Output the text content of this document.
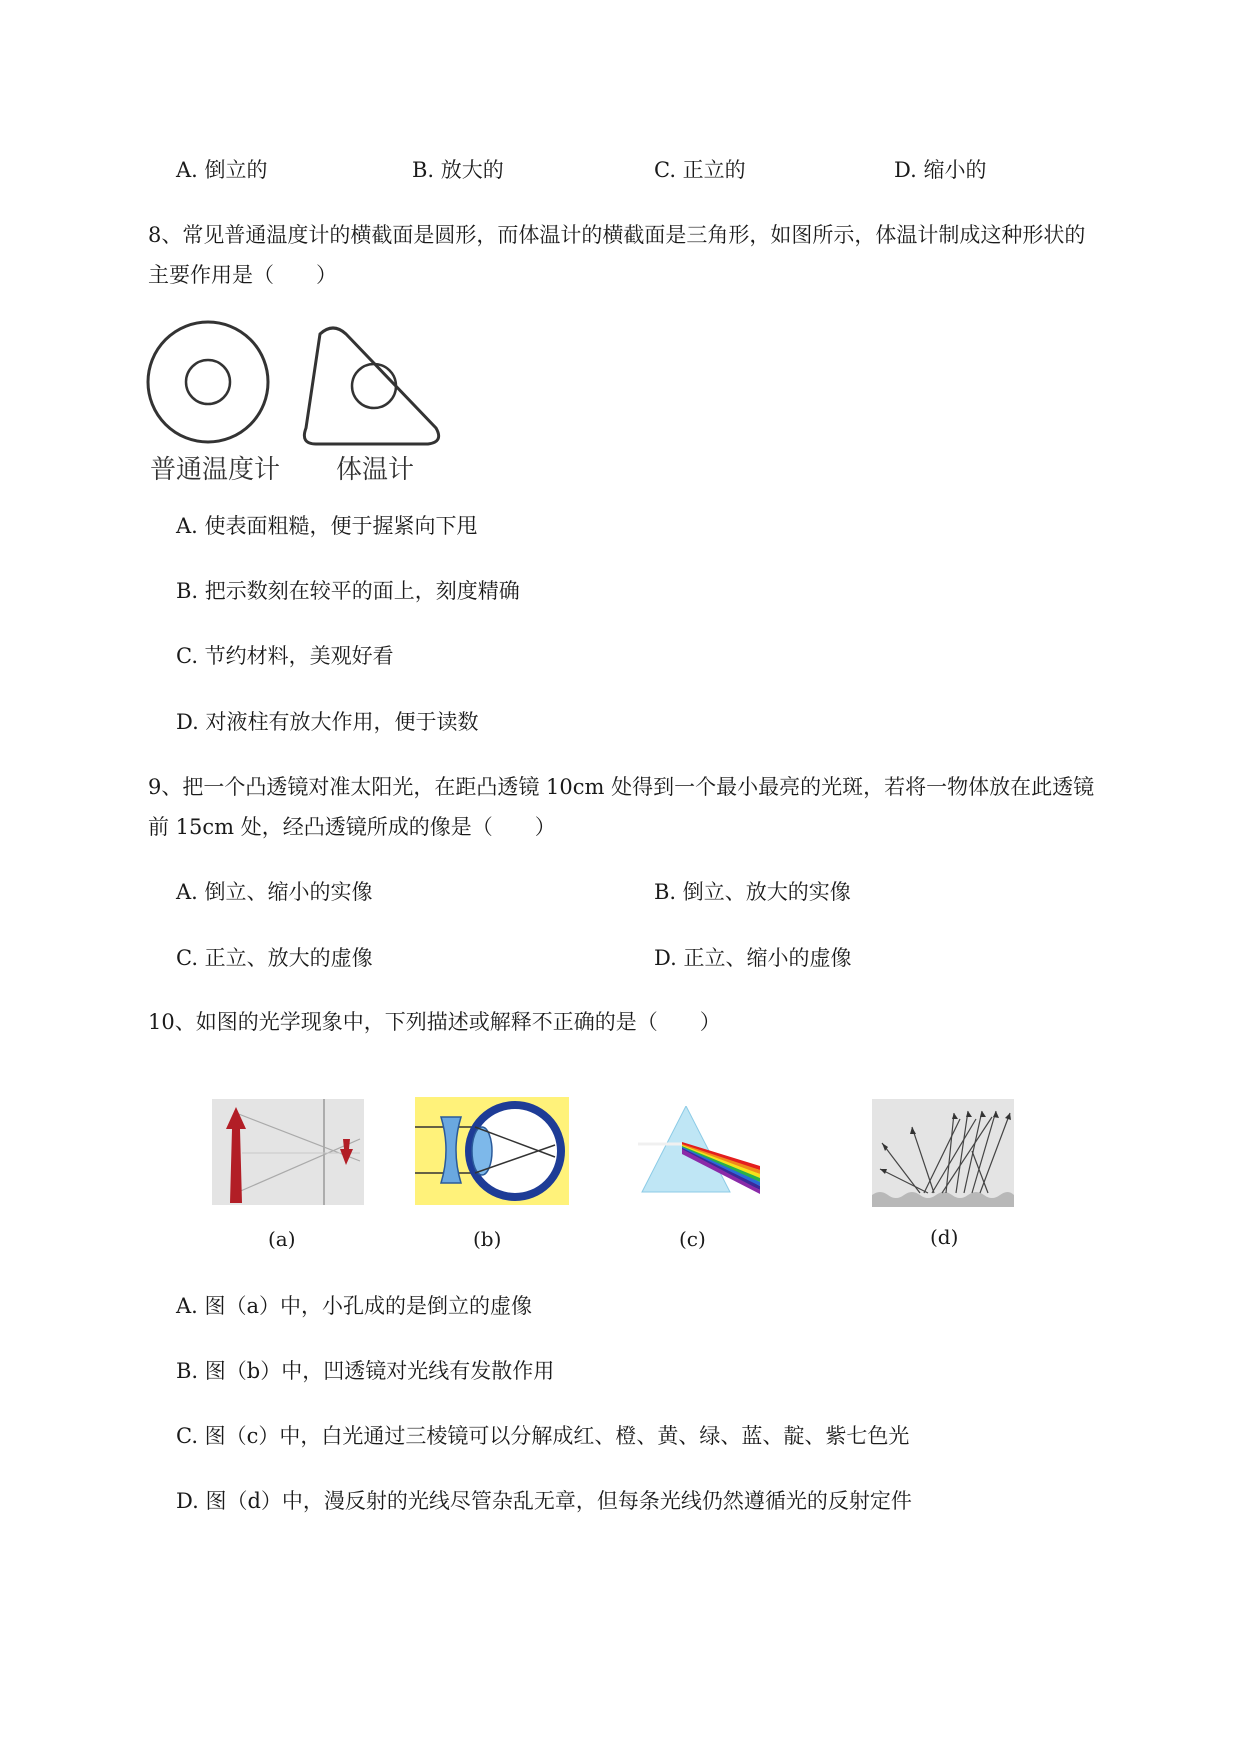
A. 倒立的	B. 放大的	C. 正立的	D. 缩小的
8、常见普通温度计的横截面是圆形，而体温计的横截面是三角形，如图所示，体温计制成这种形状的
主要作用是（　　）
普通温度计 体温计
A. 使表面粗糙，便于握紧向下甩
B. 把示数刻在较平的面上，刻度精确
C. 节约材料，美观好看
D. 对液柱有放大作用，便于读数
9、把一个凸透镜对准太阳光，在距凸透镜 10cm 处得到一个最小最亮的光斑，若将一物体放在此透镜
前 15cm 处，经凸透镜所成的像是（　　）
A. 倒立、缩小的实像	B. 倒立、放大的实像
C. 正立、放大的虚像	D. 正立、缩小的虚像
10、如图的光学现象中，下列描述或解释不正确的是（　　）
(a)	(b)	(c)	(d)
A. 图（a）中，小孔成的是倒立的虚像
B. 图（b）中，凹透镜对光线有发散作用
C. 图（c）中，白光通过三棱镜可以分解成红、橙、黄、绿、蓝、靛、紫七色光
D. 图（d）中，漫反射的光线尽管杂乱无章，但每条光线仍然遵循光的反射定件
